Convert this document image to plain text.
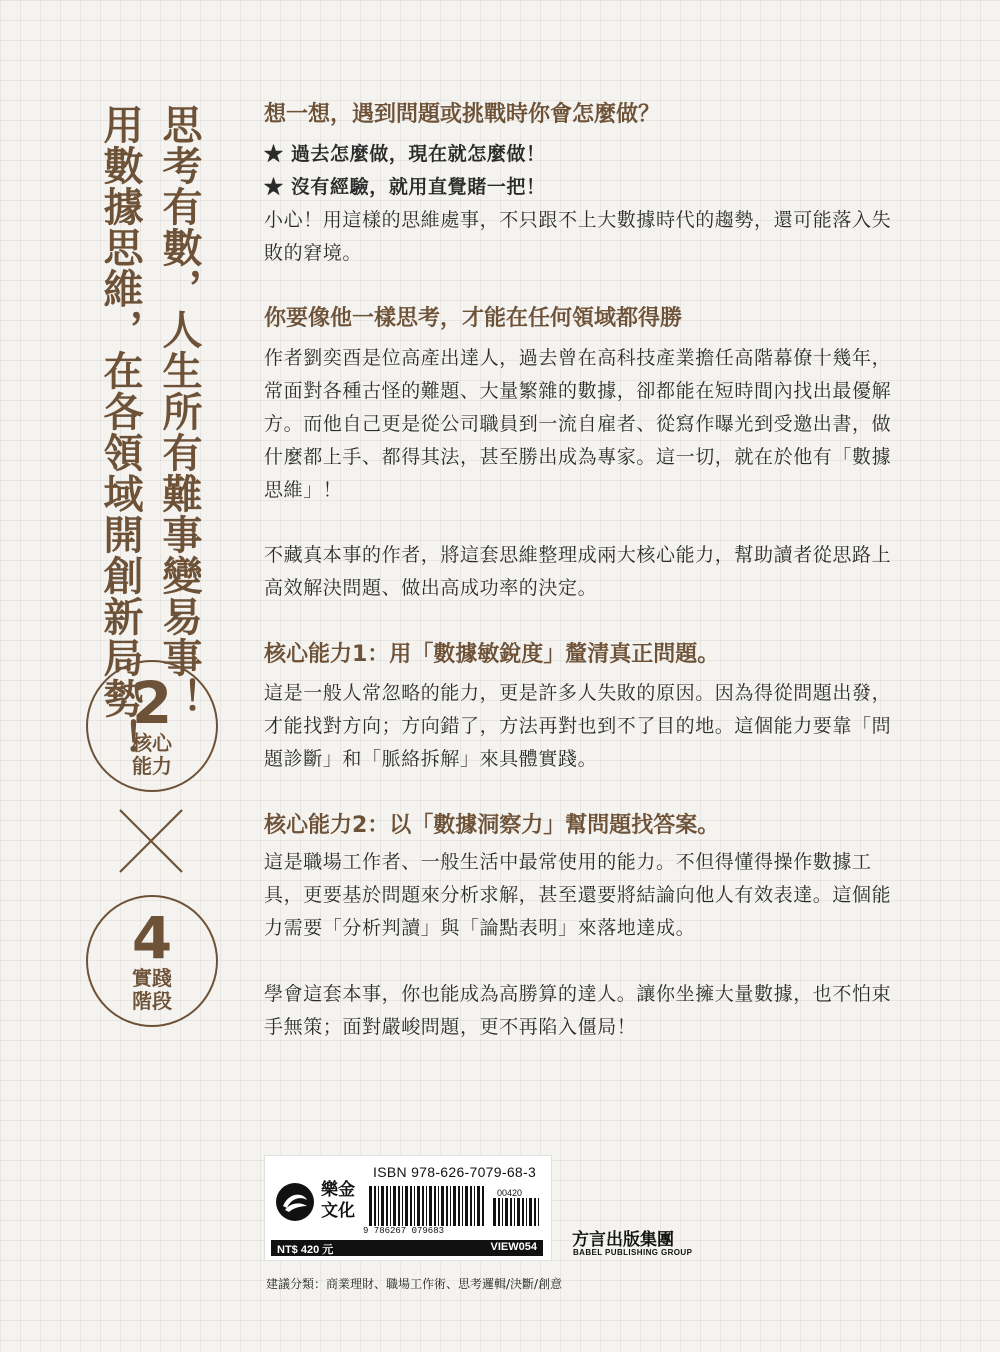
思考有數，人生所有難事變易事！
用數據思維，在各領域開創新局勢！
2
核心
能力
4
實踐
階段
想一想，遇到問題或挑戰時你會怎麼做？

★ 過去怎麼做，現在就怎麼做！

★ 沒有經驗，就用直覺賭一把！

小心！用這樣的思維處事，不只跟不上大數據時代的趨勢，還可能落入失敗的窘境。

你要像他一樣思考，才能在任何領域都得勝

作者劉奕酉是位高產出達人，過去曾在高科技產業擔任高階幕僚十幾年，常面對各種古怪的難題、大量繁雜的數據，卻都能在短時間內找出最優解方。而他自己更是從公司職員到一流自雇者、從寫作曝光到受邀出書，做什麼都上手、都得其法，甚至勝出成為專家。這一切，就在於他有「數據思維」！

不藏真本事的作者，將這套思維整理成兩大核心能力，幫助讀者從思路上高效解決問題、做出高成功率的決定。

核心能力1：用「數據敏銳度」釐清真正問題。

這是一般人常忽略的能力，更是許多人失敗的原因。因為得從問題出發，才能找對方向；方向錯了，方法再對也到不了目的地。這個能力要靠「問題診斷」和「脈絡拆解」來具體實踐。

核心能力2：以「數據洞察力」幫問題找答案。

這是職場工作者、一般生活中最常使用的能力。不但得懂得操作數據工具，更要基於問題來分析求解，甚至還要將結論向他人有效表達。這個能力需要「分析判讀」與「論點表明」來落地達成。

學會這套本事，你也能成為高勝算的達人。讓你坐擁大量數據，也不怕束手無策；面對嚴峻問題，更不再陷入僵局！

樂金
文化
ISBN 978-626-7079-68-3
00420
9 786267 079683
NT$ 420 元	VIEW054 方言出版集團
BABEL PUBLISHING GROUP
建議分類：商業理財、職場工作術、思考邏輯/決斷/創意
